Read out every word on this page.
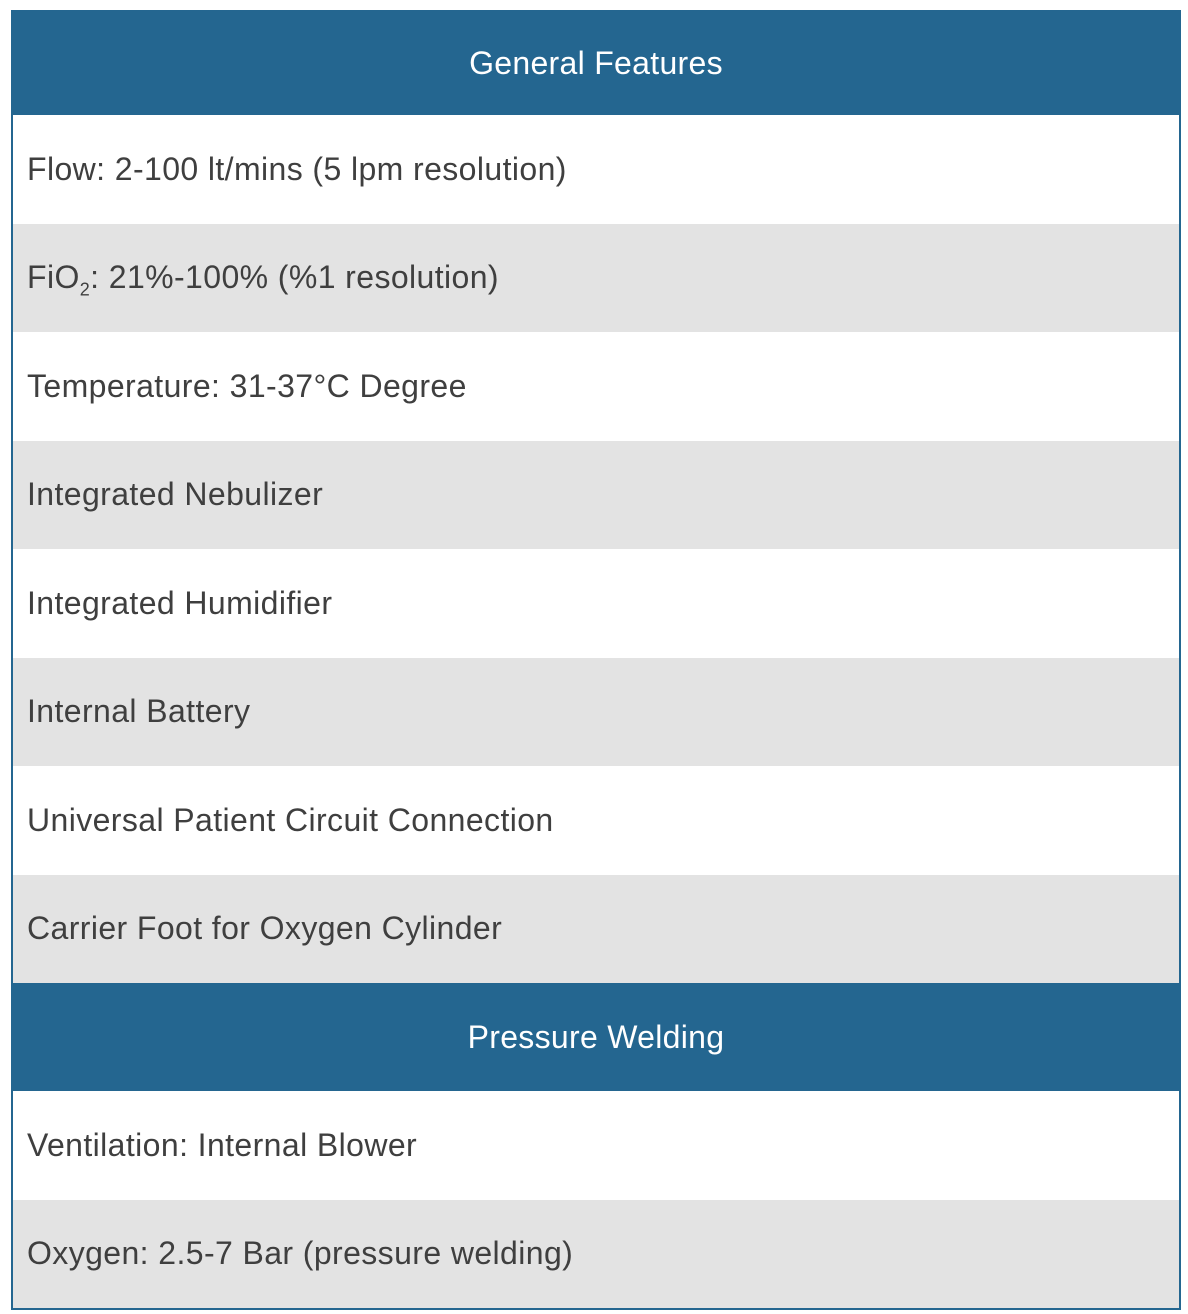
General Features
Flow: 2-100 lt/mins (5 lpm resolution)
FiO$_2$: 21%-100% (%1 resolution)
Temperature: 31-37°C Degree
Integrated Nebulizer
Integrated Humidifier
Internal Battery
Universal Patient Circuit Connection
Carrier Foot for Oxygen Cylinder
Pressure Welding
Ventilation: Internal Blower
Oxygen: 2.5-7 Bar (pressure welding)
